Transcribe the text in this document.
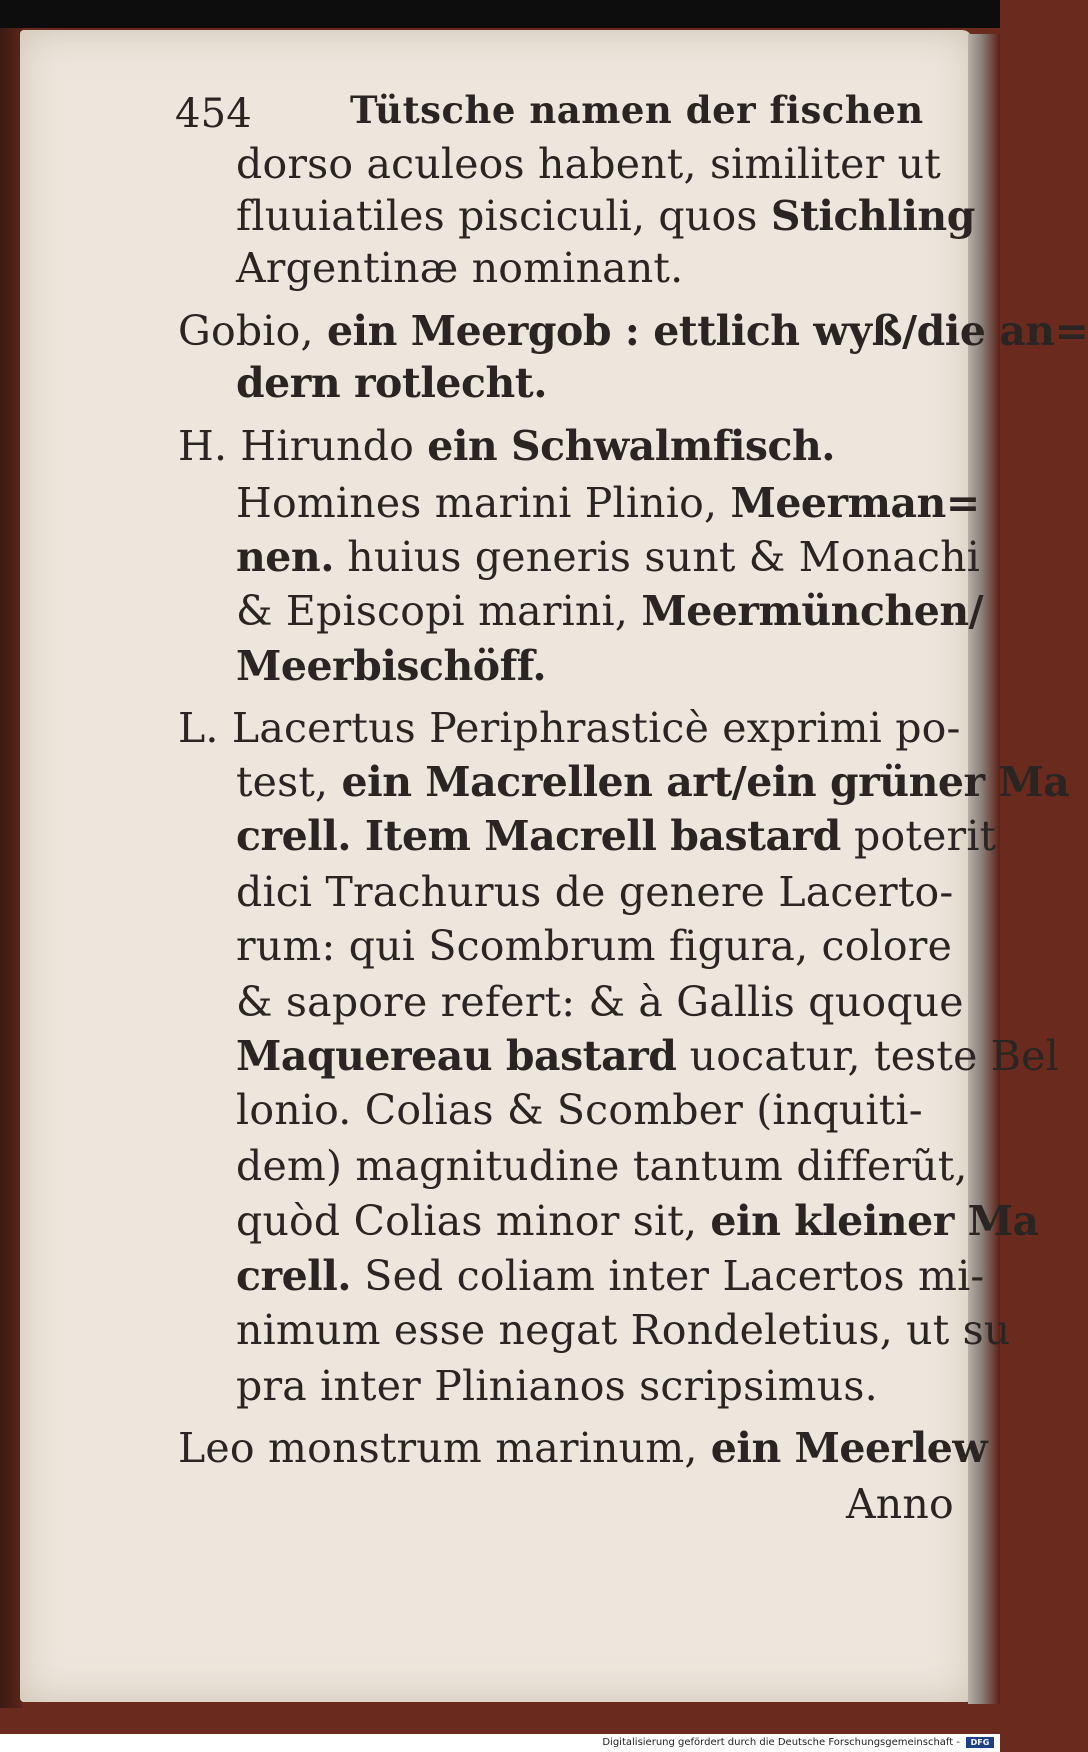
454	Tütsche namen der fischen
dorso aculeos habent, similiter ut
fluuiatiles pisciculi, quos Stichling
Argentinæ nominant.
Gobio, ein Meergob : ettlich wyß/die an=
dern rotlecht.
H. Hirundo ein Schwalmfisch.
Homines marini Plinio, Meerman=
nen. huius generis sunt & Monachi
& Episcopi marini, Meermünchen/
Meerbischöff.
L. Lacertus Periphrasticè exprimi po-
test, ein Macrellen art/ein grüner Ma
crell. Item Macrell bastard poterit
dici Trachurus de genere Lacerto-
rum: qui Scombrum figura, colore
& sapore refert: & à Gallis quoque
Maquereau bastard uocatur, teste Bel
lonio. Colias & Scomber (inquiti-
dem) magnitudine tantum differũt,
quòd Colias minor sit, ein kleiner Ma
crell. Sed coliam inter Lacertos mi-
nimum esse negat Rondeletius, ut su
pra inter Plinianos scripsimus.
Leo monstrum marinum, ein Meerlew
Anno
Digitalisierung gefördert durch die Deutsche Forschungsgemeinschaft -	DFG
